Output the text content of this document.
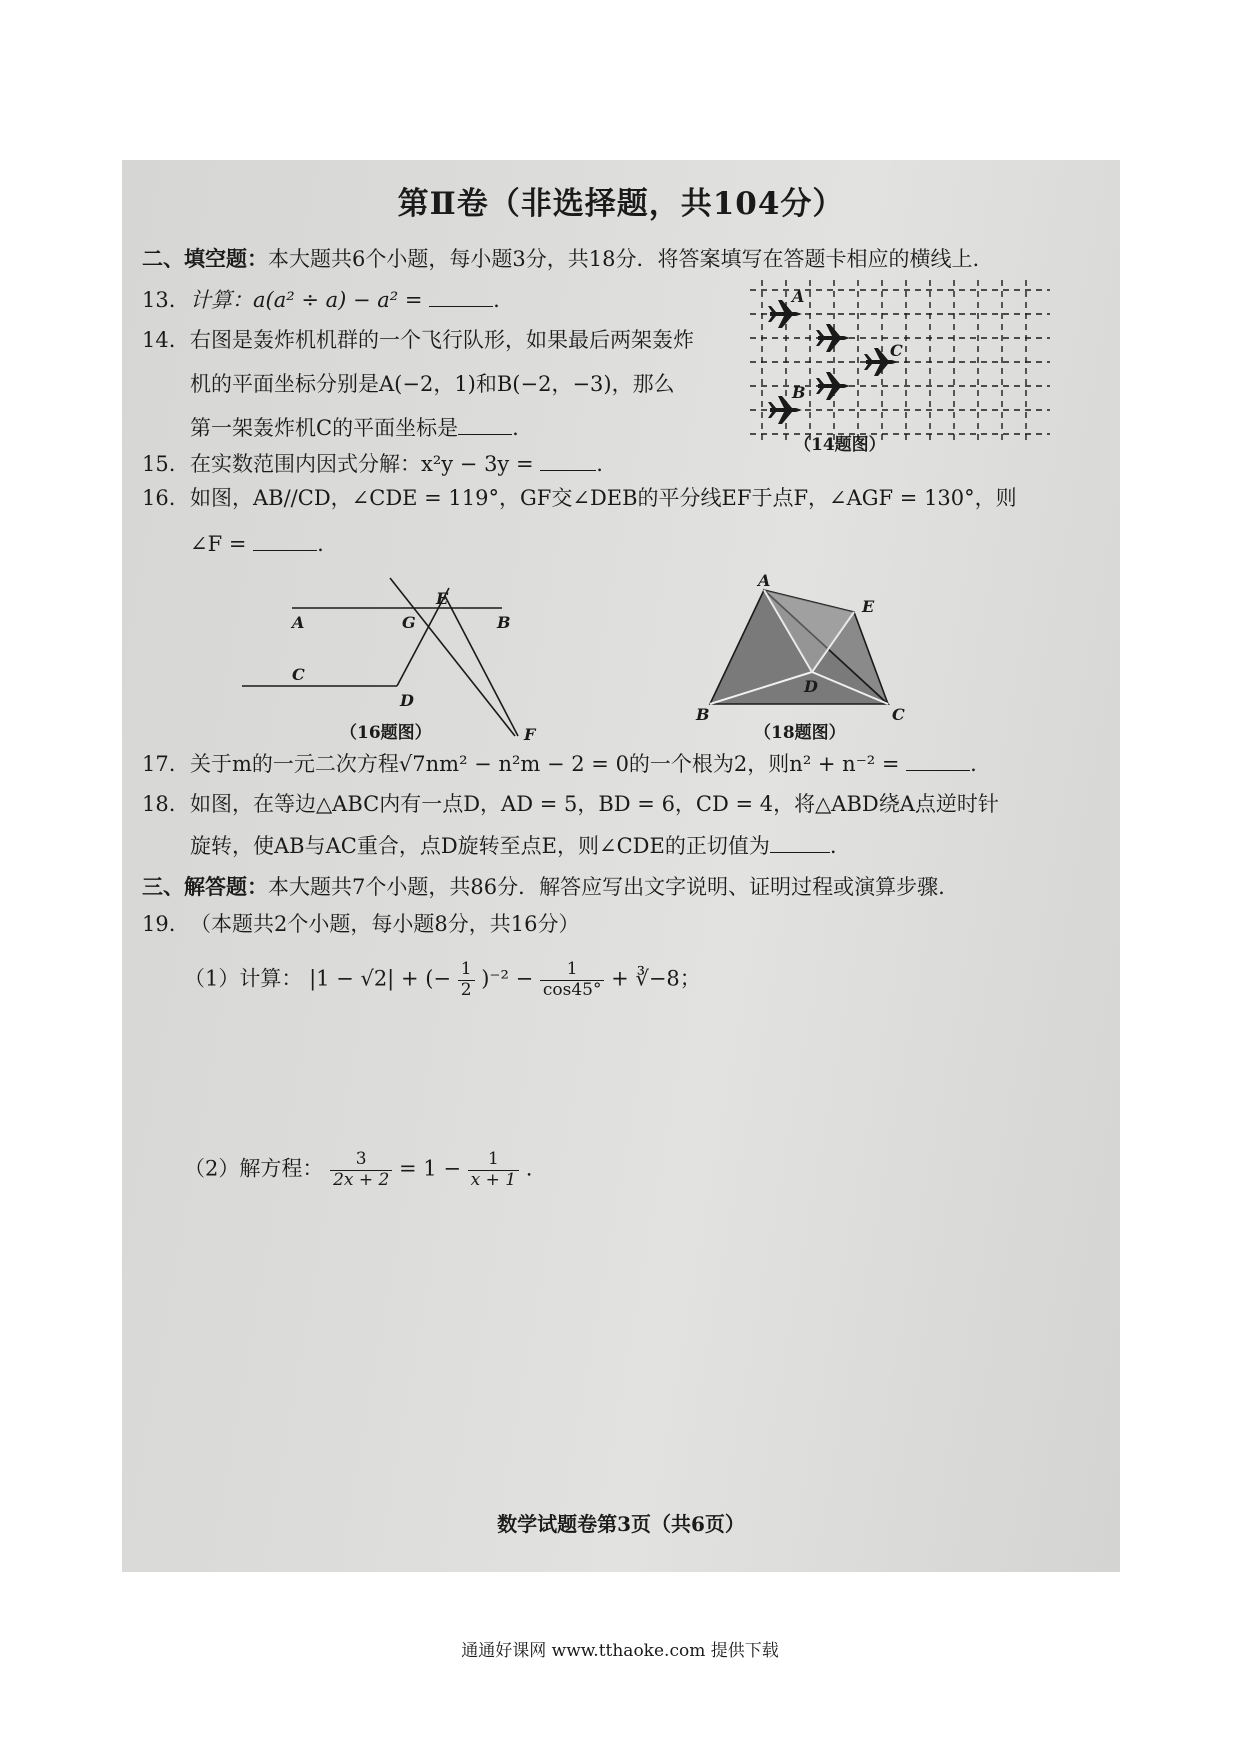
第Ⅱ卷（非选择题，共104分）
二、填空题：本大题共6个小题，每小题3分，共18分．将答案填写在答题卡相应的横线上.
13. 计算：a(a² ÷ a) − a² =	.
14. 右图是轰炸机机群的一个飞行队形，如果最后两架轰炸
机的平面坐标分别是A(−2，1)和B(−2，−3)，那么
第一架轰炸机C的平面坐标是	.
A
C
B
（14题图）
15. 在实数范围内因式分解：x²y − 3y =	.
16. 如图，AB//CD，∠CDE = 119°，GF交∠DEB的平分线EF于点F，∠AGF = 130°，则
∠F =	.
A	G
E
B
C
D
F
（16题图）
A
E
D
B	C
（18题图）
17. 关于m的一元二次方程√7nm² − n²m − 2 = 0的一个根为2，则n² + n⁻² =	.
18. 如图，在等边△ABC内有一点D，AD = 5，BD = 6，CD = 4，将△ABD绕A点逆时针
旋转，使AB与AC重合，点D旋转至点E，则∠CDE的正切值为	.
三、解答题：本大题共7个小题，共86分．解答应写出文字说明、证明过程或演算步骤.
19. （本题共2个小题，每小题8分，共16分）
（1）计算： |1 − √2| + (− $\frac{1}{2} )^{-2} - \frac{1}{\cos 45^\circ}$ + ∛−8；
（2）解方程： $\frac{3}{2x + 2} = 1 - \frac{1}{x + 1}$ .
数学试题卷第3页（共6页）
通通好课网 www.tthaoke.com 提供下载
